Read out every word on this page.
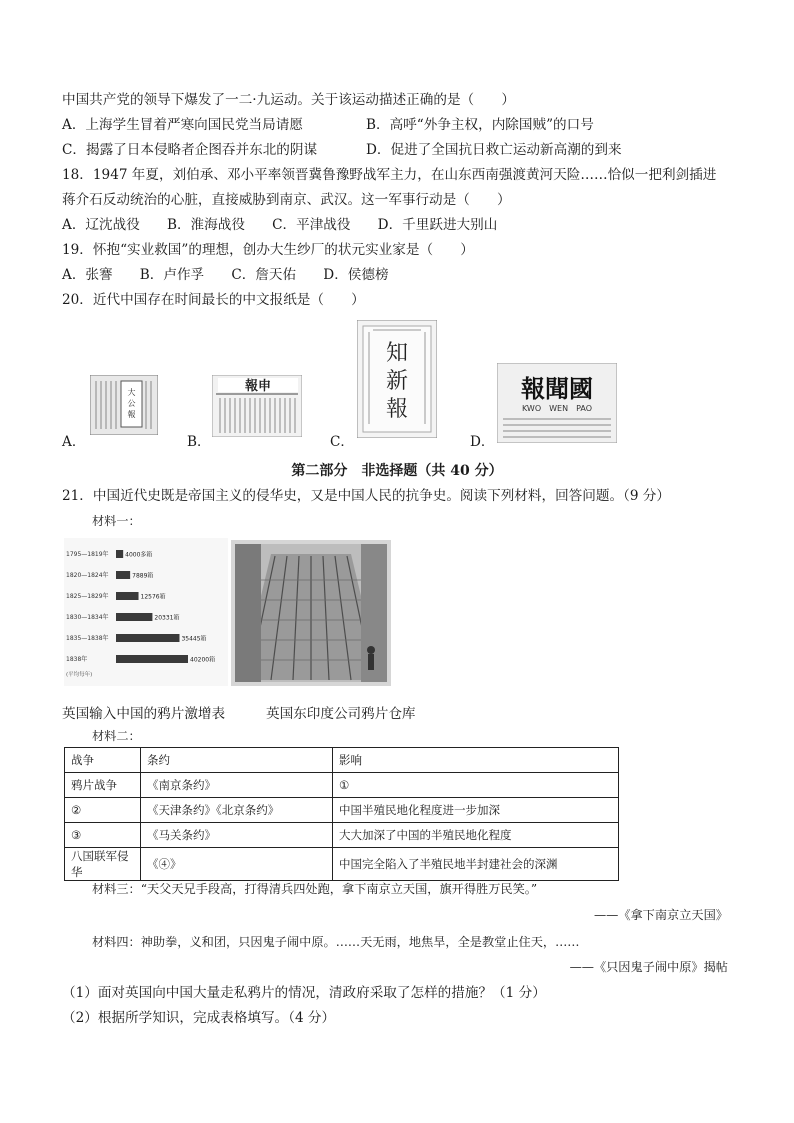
中国共产党的领导下爆发了一二·九运动。关于该运动描述正确的是（　　）
A．上海学生冒着严寒向国民党当局请愿	B．高呼“外争主权，内除国贼”的口号
C．揭露了日本侵略者企图吞并东北的阴谋	D．促进了全国抗日救亡运动新高潮的到来
18．1947 年夏，刘伯承、邓小平率领晋冀鲁豫野战军主力，在山东西南强渡黄河天险……恰似一把利剑插进
蒋介石反动统治的心脏，直接威胁到南京、武汉。这一军事行动是（　　）
A．辽沈战役　　B．淮海战役　　C．平津战役　　D．千里跃进大别山
19．怀抱“实业救国”的理想，创办大生纱厂的状元实业家是（　　）
A．张謇　　B．卢作孚　　C．詹天佑　　D．侯德榜
20．近代中国存在时间最长的中文报纸是（　　）
大
公
報
A．
報申
B．
知
新
報
C．
報聞國
KWO　WEN　PAO
D．
第二部分　非选择题（共 40 分）
21．中国近代史既是帝国主义的侵华史，又是中国人民的抗争史。阅读下列材料，回答问题。（9 分）
材料一：
1795—1819年	4000多箱
1820—1824年	7889箱
1825—1829年	12576箱
1830—1834年	20331箱
1835—1838年	35445箱
1838年	40200箱
(平均每年)
英国输入中国的鸦片激增表	英国东印度公司鸦片仓库
材料二：
战争	条约	影响
鸦片战争	《南京条约》	①
②	《天津条约》《北京条约》	中国半殖民地化程度进一步加深
③	《马关条约》	大大加深了中国的半殖民地化程度
八国联军侵华	《④》	中国完全陷入了半殖民地半封建社会的深渊
材料三：“天父天兄手段高，打得清兵四处跑，拿下南京立天国，旗开得胜万民笑。”
——《拿下南京立天国》
材料四：神助拳，义和团，只因鬼子闹中原。……天无雨，地焦旱，全是教堂止住天，……
——《只因鬼子闹中原》揭帖
（1）面对英国向中国大量走私鸦片的情况，清政府采取了怎样的措施？（1 分）
（2）根据所学知识，完成表格填写。（4 分）
